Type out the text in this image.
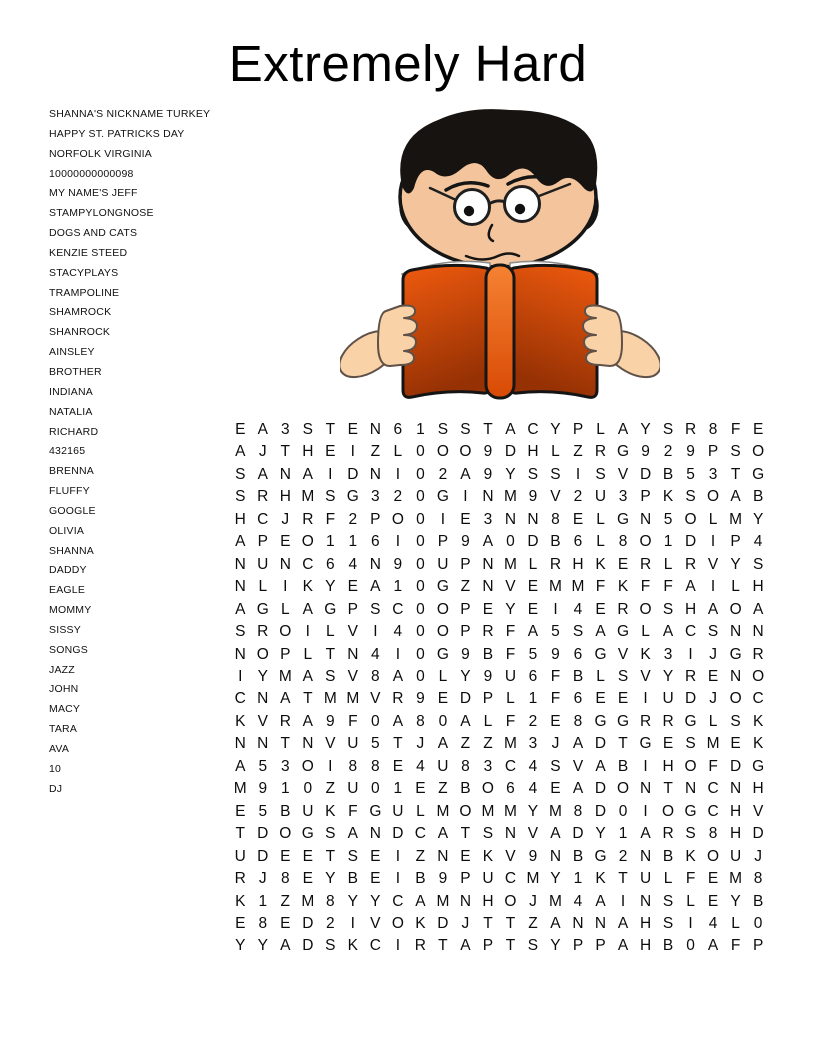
Extremely Hard
SHANNA'S NICKNAME TURKEY
HAPPY ST. PATRICKS DAY
NORFOLK VIRGINIA
10000000000098
MY NAME'S JEFF
STAMPYLONGNOSE
DOGS AND CATS
KENZIE STEED
STACYPLAYS
TRAMPOLINE
SHAMROCK
SHANROCK
AINSLEY
BROTHER
INDIANA
NATALIA
RICHARD
432165
BRENNA
FLUFFY
GOOGLE
OLIVIA
SHANNA
DADDY
EAGLE
MOMMY
SISSY
SONGS
JAZZ
JOHN
MACY
TARA
AVA
10
DJ
E A 3 S T E N 6 1 S S T A C Y P L A Y S R 8 F E
A J T H E I	Z L 0 O O 9 D H L Z R G 9 2 9 P S O
S A N A I D N I	0 2 A 9 Y S S I S V D B 5 3 T G
S R H M S G 3 2 0 G I N M 9 V 2 U 3 P K S O A B
H C J R F 2 P O 0	I E 3 N N 8 E L G N 5 O L M Y
A P E O 1 1 6	I	0 P 9 A 0 D B 6 L 8 O 1 D I P 4
N U N C 6 4 N 9 0 U P N M L R H K E R L R V Y S
N L	I K Y E A 1 0 G Z N V E M M F K F F A I	L H
A G L A G P S C 0 O P E Y E I	4 E R O S H A O A
S R O I	L V I	4 0 O P R F A 5 S A G L A C S N N
N O P L T N 4	I	0 G 9 B F 5 9 6 G V K 3	I	J G R
I Y M A S V 8 A 0 L Y 9 U 6 F B L S V Y R E N O
C N A T M M V R 9 E D P L 1 F 6 E E I U D J O C
K V R A 9 F 0 A 8 0 A L F 2 E 8 G G R R G L S K
N N T N V U 5 T J A Z Z M 3 J A D T G E S M E K
A 5 3 O I	8 8 E 4 U 8 3 C 4 S V A B I H O F D G
M 9 1 0 Z U 0 1 E Z B O 6 4 E A D O N T N C N H
E 5 B U K F G U L M O M M Y M 8 D 0	I O G C H V
T D O G S A N D C A T S N V A D Y 1 A R S 8 H D
U D E E T S E I	Z N E K V 9 N B G 2 N B K O U J
R J 8 E Y B E I B 9 P U C M Y 1 K T U L F E M 8
K 1 Z M 8 Y Y C A M N H O J M 4 A I N S L E Y B
E 8 E D 2	I V O K D J T T Z A N N A H S I	4 L 0
Y Y A D S K C I R T A P T S Y P P A H B 0 A F P
